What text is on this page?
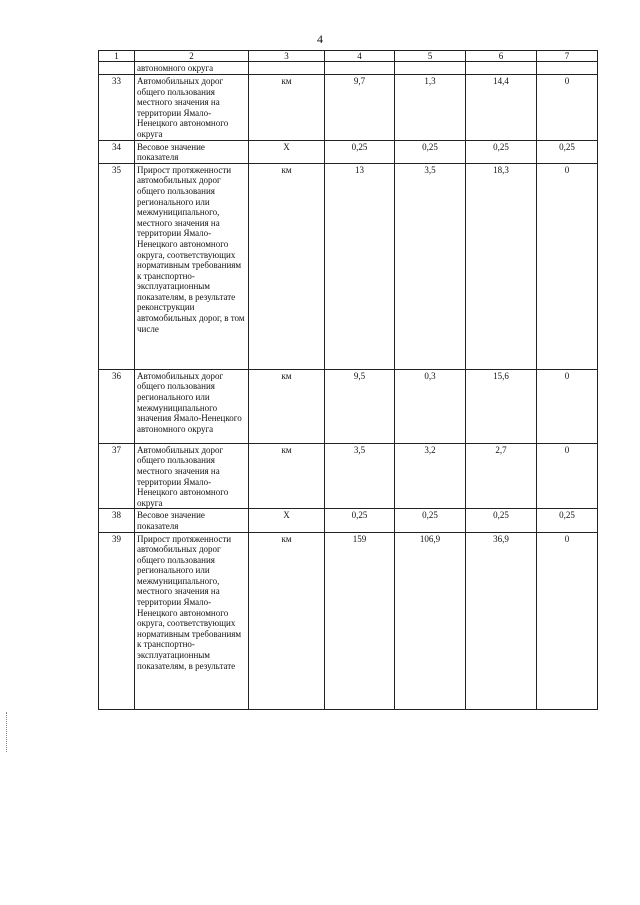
4
1	2	3	4	5	6	7
	автономного округа					
33	Автомобильных дорог общего пользования местного значения на территории Ямало-Ненецкого автономного округа	км	9,7	1,3	14,4	0
34	Весовое значение показателя	Х	0,25	0,25	0,25	0,25
35	Прирост протяженности автомобильных дорог общего пользования регионального или межмуниципального, местного значения на территории Ямало-Ненецкого автономного округа, соответствующих нормативным требованиям к транспортно-эксплуатационным показателям, в результате реконструкции автомобильных дорог, в том числе	км	13	3,5	18,3	0
36	Автомобильных дорог общего пользования регионального или межмуниципального значения Ямало-Ненецкого автономного округа	км	9,5	0,3	15,6	0
37	Автомобильных дорог общего пользования местного значения на территории Ямало-Ненецкого автономного округа	км	3,5	3,2	2,7	0
38	Весовое значение показателя	Х	0,25	0,25	0,25	0,25
39	Прирост протяженности автомобильных дорог общего пользования регионального или межмуниципального, местного значения на территории Ямало-Ненецкого автономного округа, соответствующих нормативным требованиям к транспортно-эксплуатационным показателям, в результате	км	159	106,9	36,9	0
